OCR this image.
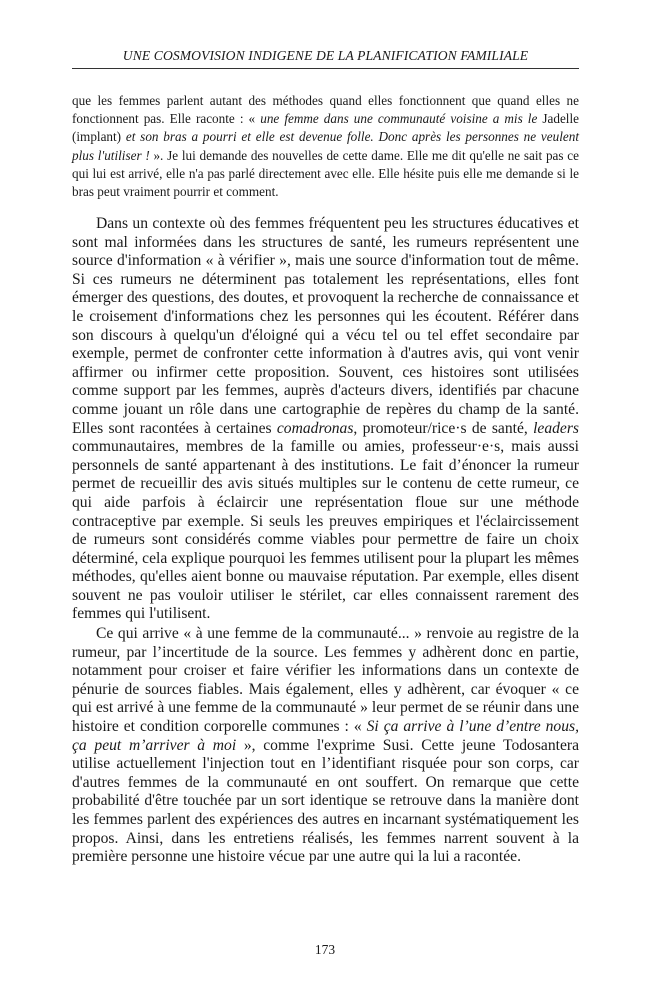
UNE COSMOVISION INDIGENE DE LA PLANIFICATION FAMILIALE
que les femmes parlent autant des méthodes quand elles fonctionnent que quand elles ne fonctionnent pas. Elle raconte : « une femme dans une communauté voisine a mis le Jadelle (implant) et son bras a pourri et elle est devenue folle. Donc après les personnes ne veulent plus l'utiliser ! ». Je lui demande des nouvelles de cette dame. Elle me dit qu'elle ne sait pas ce qui lui est arrivé, elle n'a pas parlé directement avec elle. Elle hésite puis elle me demande si le bras peut vraiment pourrir et comment.
Dans un contexte où des femmes fréquentent peu les structures éducatives et sont mal informées dans les structures de santé, les rumeurs représentent une source d'information « à vérifier », mais une source d'information tout de même. Si ces rumeurs ne déterminent pas totalement les représentations, elles font émerger des questions, des doutes, et provoquent la recherche de connaissance et le croisement d'informations chez les personnes qui les écoutent. Référer dans son discours à quelqu'un d'éloigné qui a vécu tel ou tel effet secondaire par exemple, permet de confronter cette information à d'autres avis, qui vont venir affirmer ou infirmer cette proposition. Souvent, ces histoires sont utilisées comme support par les femmes, auprès d'acteurs divers, identifiés par chacune comme jouant un rôle dans une cartographie de repères du champ de la santé. Elles sont racontées à certaines comadronas, promoteur/rice·s de santé, leaders communautaires, membres de la famille ou amies, professeur·e·s, mais aussi personnels de santé appartenant à des institutions. Le fait d’énoncer la rumeur permet de recueillir des avis situés multiples sur le contenu de cette rumeur, ce qui aide parfois à éclaircir une représentation floue sur une méthode contraceptive par exemple. Si seuls les preuves empiriques et l'éclaircissement de rumeurs sont considérés comme viables pour permettre de faire un choix déterminé, cela explique pourquoi les femmes utilisent pour la plupart les mêmes méthodes, qu'elles aient bonne ou mauvaise réputation. Par exemple, elles disent souvent ne pas vouloir utiliser le stérilet, car elles connaissent rarement des femmes qui l'utilisent.
Ce qui arrive « à une femme de la communauté... » renvoie au registre de la rumeur, par l’incertitude de la source. Les femmes y adhèrent donc en partie, notamment pour croiser et faire vérifier les informations dans un contexte de pénurie de sources fiables. Mais également, elles y adhèrent, car évoquer « ce qui est arrivé à une femme de la communauté » leur permet de se réunir dans une histoire et condition corporelle communes : « Si ça arrive à l’une d’entre nous, ça peut m’arriver à moi », comme l'exprime Susi. Cette jeune Todosantera utilise actuellement l'injection tout en l’identifiant risquée pour son corps, car d'autres femmes de la communauté en ont souffert. On remarque que cette probabilité d'être touchée par un sort identique se retrouve dans la manière dont les femmes parlent des expériences des autres en incarnant systématiquement les propos. Ainsi, dans les entretiens réalisés, les femmes narrent souvent à la première personne une histoire vécue par une autre qui la lui a racontée.
173
